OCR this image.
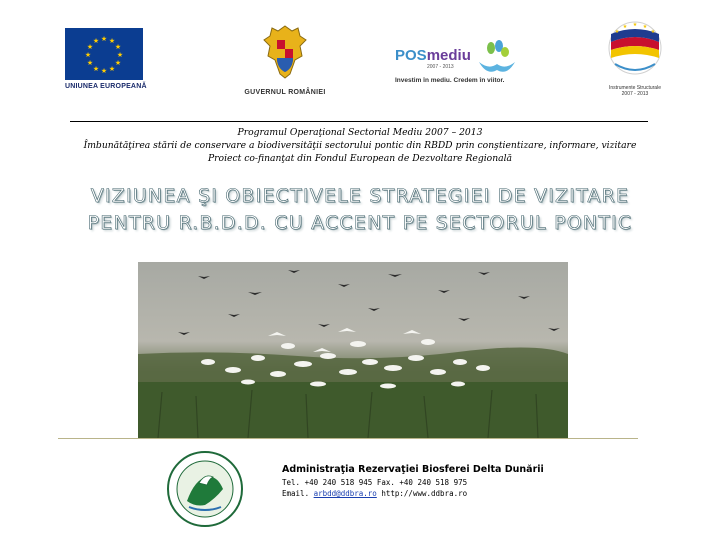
★ ★
★
★
★
★
★
★
★
★
★
★
UNIUNEA EUROPEANĂ
GUVERNUL ROMÂNIEI
POSmediu
2007 - 2013
Investim în mediu. Credem în viitor.
★ ★
★
★
★
Instrumente Structurale
2007 - 2013
Programul Operaţional Sectorial Mediu 2007 – 2013
Îmbunătăţirea stării de conservare a biodiversităţii sectorului pontic din RBDD prin conştientizare, informare, vizitare
Proiect co-finanţat din Fondul European de Dezvoltare Regională
VIZIUNEA ŞI OBIECTIVELE STRATEGIEI DE VIZITARE
PENTRU R.B.D.D. CU ACCENT PE SECTORUL PONTIC
Administraţia Rezervaţiei Biosferei Delta Dunării
Tel. +40 240 518 945 Fax. +40 240 518 975
Email. arbdd@ddbra.ro http://www.ddbra.ro
